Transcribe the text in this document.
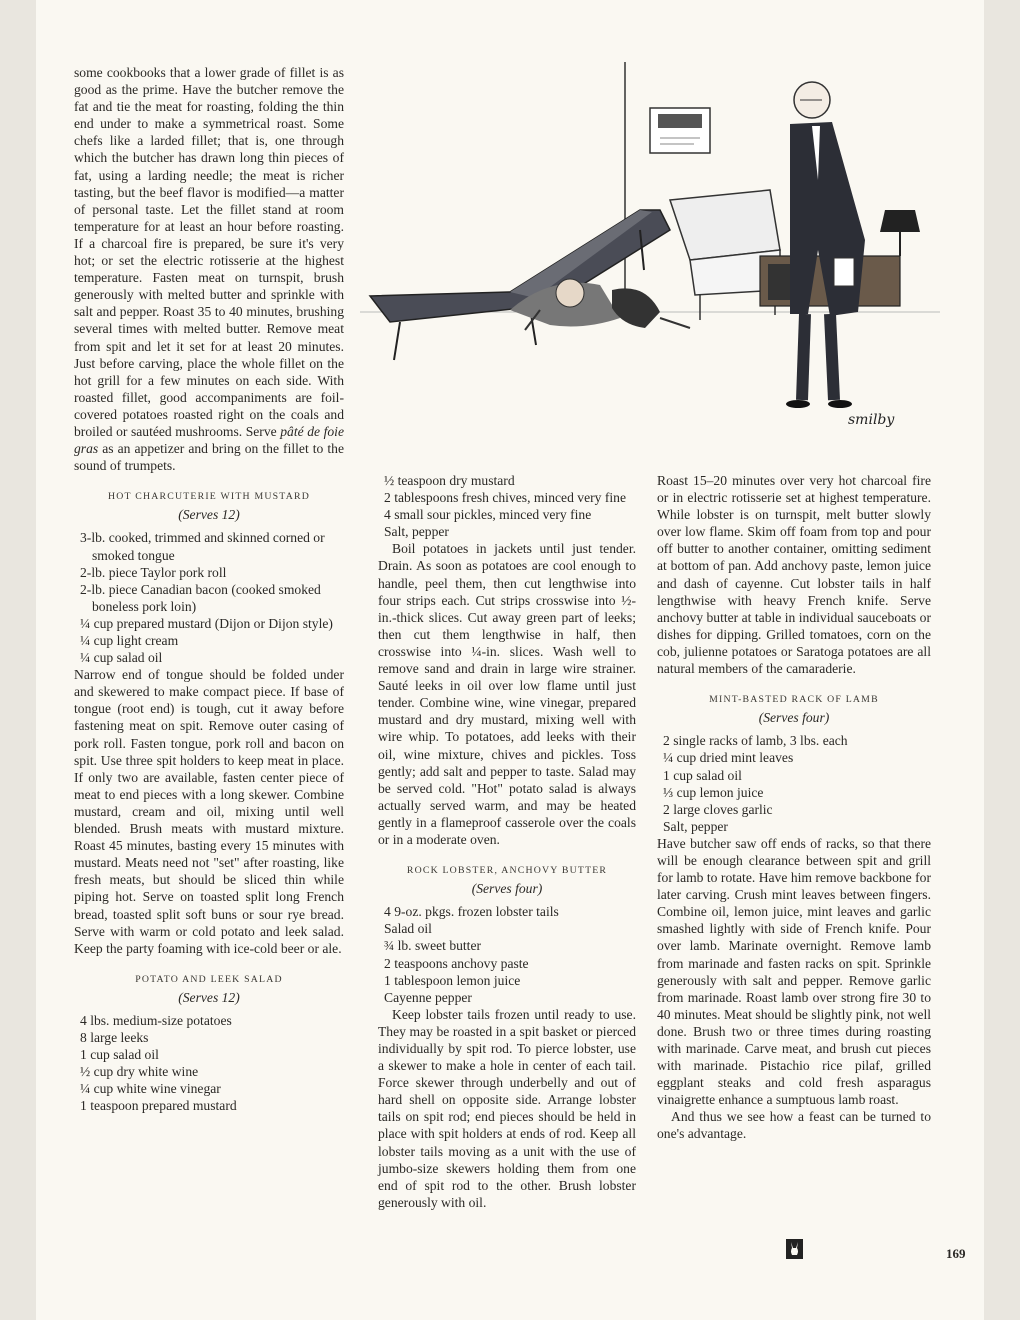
some cookbooks that a lower grade of fillet is as good as the prime. Have the butcher remove the fat and tie the meat for roasting, folding the thin end under to make a symmetrical roast. Some chefs like a larded fillet; that is, one through which the butcher has drawn long thin pieces of fat, using a larding needle; the meat is richer tasting, but the beef flavor is modified—a matter of personal taste. Let the fillet stand at room temperature for at least an hour before roasting. If a charcoal fire is prepared, be sure it's very hot; or set the electric rotisserie at the highest temperature. Fasten meat on turnspit, brush generously with melted butter and sprinkle with salt and pepper. Roast 35 to 40 minutes, brushing several times with melted butter. Remove meat from spit and let it set for at least 20 minutes. Just before carving, place the whole fillet on the hot grill for a few minutes on each side. With roasted fillet, good accompaniments are foil-covered potatoes roasted right on the coals and broiled or sautéed mushrooms. Serve pâté de foie gras as an appetizer and bring on the fillet to the sound of trumpets.

HOT CHARCUTERIE WITH MUSTARD
(Serves 12)
3-lb. cooked, trimmed and skinned corned or smoked tongue
2-lb. piece Taylor pork roll
2-lb. piece Canadian bacon (cooked smoked boneless pork loin)
¼ cup prepared mustard (Dijon or Dijon style)
¼ cup light cream
¼ cup salad oil

Narrow end of tongue should be folded under and skewered to make compact piece. If base of tongue (root end) is tough, cut it away before fastening meat on spit. Remove outer casing of pork roll. Fasten tongue, pork roll and bacon on spit. Use three spit holders to keep meat in place. If only two are available, fasten center piece of meat to end pieces with a long skewer. Combine mustard, cream and oil, mixing until well blended. Brush meats with mustard mixture. Roast 45 minutes, basting every 15 minutes with mustard. Meats need not "set" after roasting, like fresh meats, but should be sliced thin while piping hot. Serve on toasted split long French bread, toasted split soft buns or sour rye bread. Serve with warm or cold potato and leek salad. Keep the party foaming with ice-cold beer or ale.

POTATO AND LEEK SALAD
(Serves 12)
4 lbs. medium-size potatoes
8 large leeks
1 cup salad oil
½ cup dry white wine
¼ cup white wine vinegar
1 teaspoon prepared mustard
smilby
½ teaspoon dry mustard
2 tablespoons fresh chives, minced very fine
4 small sour pickles, minced very fine
Salt, pepper

Boil potatoes in jackets until just tender. Drain. As soon as potatoes are cool enough to handle, peel them, then cut lengthwise into four strips each. Cut strips crosswise into ½-in.-thick slices. Cut away green part of leeks; then cut them lengthwise in half, then crosswise into ¼-in. slices. Wash well to remove sand and drain in large wire strainer. Sauté leeks in oil over low flame until just tender. Combine wine, wine vinegar, prepared mustard and dry mustard, mixing well with wire whip. To potatoes, add leeks with their oil, wine mixture, chives and pickles. Toss gently; add salt and pepper to taste. Salad may be served cold. "Hot" potato salad is always actually served warm, and may be heated gently in a flameproof casserole over the coals or in a moderate oven.

ROCK LOBSTER, ANCHOVY BUTTER
(Serves four)
4 9-oz. pkgs. frozen lobster tails
Salad oil
¾ lb. sweet butter
2 teaspoons anchovy paste
1 tablespoon lemon juice
Cayenne pepper

Keep lobster tails frozen until ready to use. They may be roasted in a spit basket or pierced individually by spit rod. To pierce lobster, use a skewer to make a hole in center of each tail. Force skewer through underbelly and out of hard shell on opposite side. Arrange lobster tails on spit rod; end pieces should be held in place with spit holders at ends of rod. Keep all lobster tails moving as a unit with the use of jumbo-size skewers holding them from one end of spit rod to the other. Brush lobster generously with oil.

Roast 15–20 minutes over very hot charcoal fire or in electric rotisserie set at highest temperature. While lobster is on turnspit, melt butter slowly over low flame. Skim off foam from top and pour off butter to another container, omitting sediment at bottom of pan. Add anchovy paste, lemon juice and dash of cayenne. Cut lobster tails in half lengthwise with heavy French knife. Serve anchovy butter at table in individual sauceboats or dishes for dipping. Grilled tomatoes, corn on the cob, julienne potatoes or Saratoga potatoes are all natural members of the camaraderie.

MINT-BASTED RACK OF LAMB
(Serves four)
2 single racks of lamb, 3 lbs. each
¼ cup dried mint leaves
1 cup salad oil
⅓ cup lemon juice
2 large cloves garlic
Salt, pepper

Have butcher saw off ends of racks, so that there will be enough clearance between spit and grill for lamb to rotate. Have him remove backbone for later carving. Crush mint leaves between fingers. Combine oil, lemon juice, mint leaves and garlic smashed lightly with side of French knife. Pour over lamb. Marinate overnight. Remove lamb from marinade and fasten racks on spit. Sprinkle generously with salt and pepper. Remove garlic from marinade. Roast lamb over strong fire 30 to 40 minutes. Meat should be slightly pink, not well done. Brush two or three times during roasting with marinade. Carve meat, and brush cut pieces with marinade. Pistachio rice pilaf, grilled eggplant steaks and cold fresh asparagus vinaigrette enhance a sumptuous lamb roast.

And thus we see how a feast can be turned to one's advantage.

169
